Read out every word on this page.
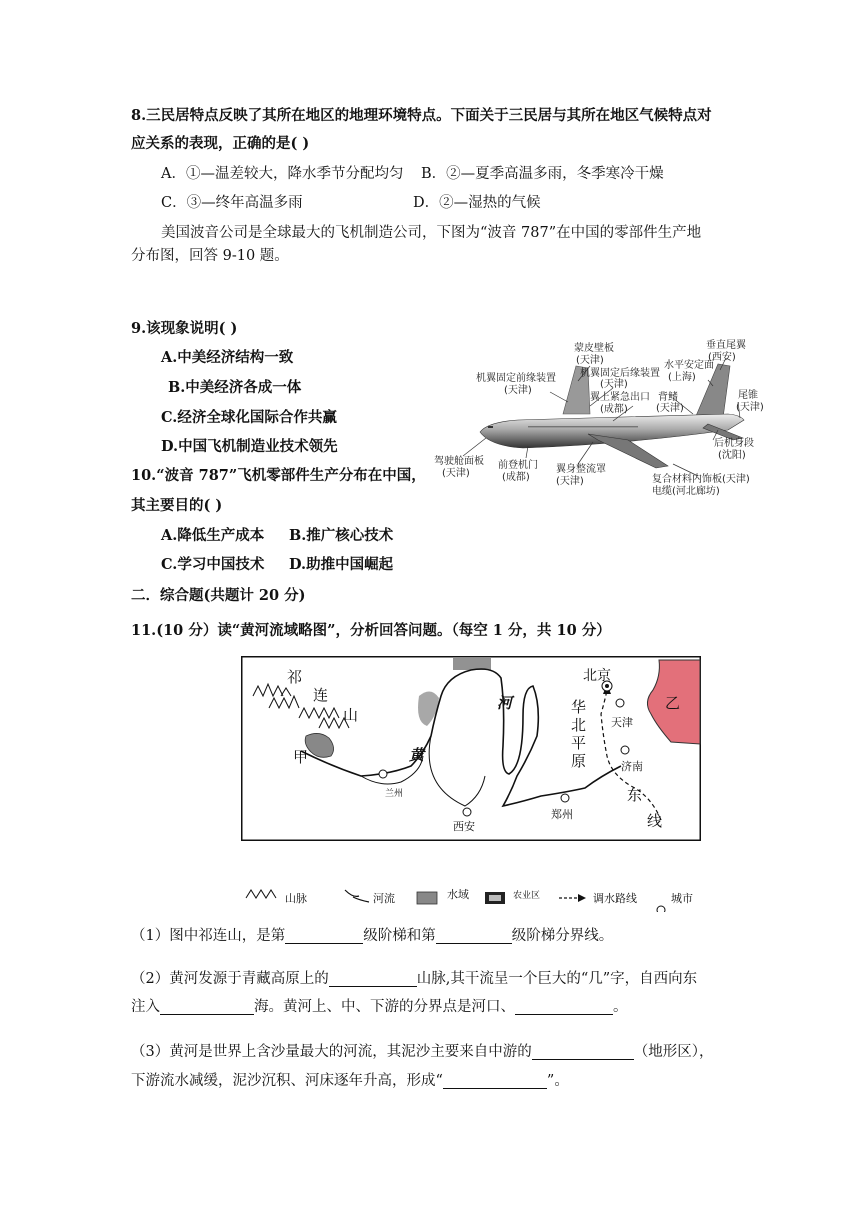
8.三民居特点反映了其所在地区的地理环境特点。下面关于三民居与其所在地区气候特点对
应关系的表现，正确的是( )
A．①—温差较大，降水季节分配均匀 B．②—夏季高温多雨，冬季寒冷干燥
C．③—终年高温多雨	D．②—湿热的气候
美国波音公司是全球最大的飞机制造公司，下图为“波音 787”在中国的零部件生产地
分布图，回答 9-10 题。
9.该现象说明( )
A.中美经济结构一致
B.中美经济各成一体
C.经济全球化国际合作共赢
D.中国飞机制造业技术领先
10.“波音 787”飞机零部件生产分布在中国，
其主要目的( )
A.降低生产成本 B.推广核心技术
C.学习中国技术 D.助推中国崛起
蒙皮壁板
(天津)
垂直尾翼
(西安)
机翼固定前缘装置
(天津)
机翼固定后缘装置
(天津)
水平安定面
(上海)
翼上紧急出口
(成都)
背鳍
(天津)
尾锥
(天津)
后机身段
(沈阳)
驾驶舱面板
(天津)
前登机门
(成都)
翼身整流罩
(天津)	复合材料内饰板(天津)
电缆(河北廊坊)
二．综合题(共题计 20 分)
11.(10 分）读“黄河流域略图”，分析回答问题。（每空 1 分，共 10 分）
祁
连
山
甲
乙
黄
河	华
北
平
原
东
线
北京
天津
济南
兰州
西安
郑州
山脉	河流	水域	农业区	调水路线	城市
（1）图中祁连山，是第	级阶梯和第	级阶梯分界线。
（2）黄河发源于青藏高原上的	山脉,其干流呈一个巨大的“几”字，自西向东
注入	海。黄河上、中、下游的分界点是河口、	。
（3）黄河是世界上含沙量最大的河流，其泥沙主要来自中游的	（地形区），
下游流水减缓，泥沙沉积、河床逐年升高，形成“	”。
